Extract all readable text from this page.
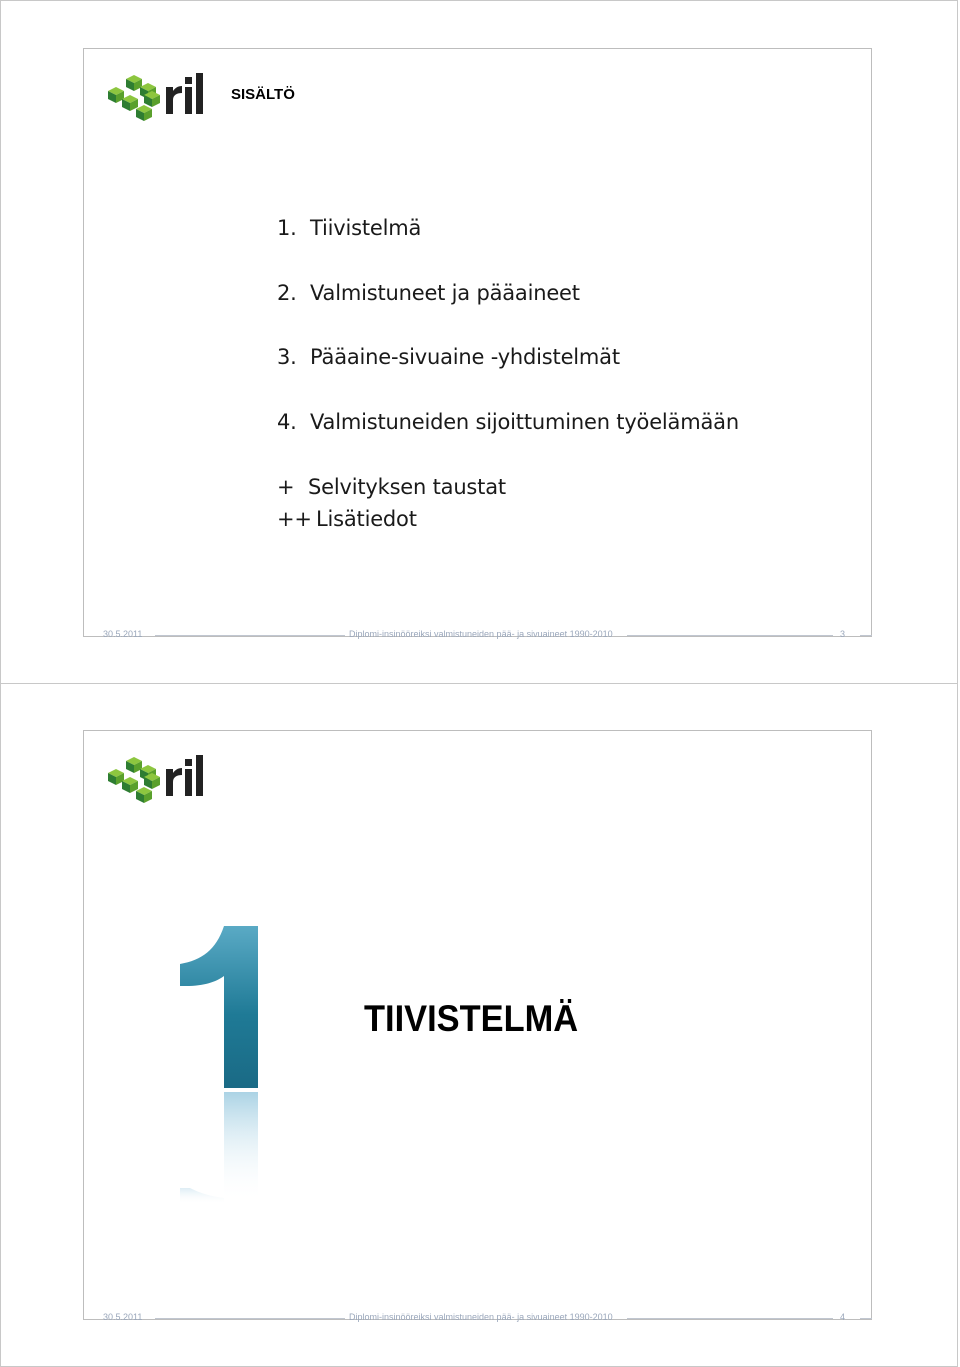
SISÄLTÖ
1. Tiivistelmä
2. Valmistuneet ja pääaineet
3. Pääaine-sivuaine -yhdistelmät
4. Valmistuneiden sijoittuminen työelämään
+ Selvityksen taustat
++ Lisätiedot
30.5.2011	Diplomi-insinööreiksi valmistuneiden pää- ja sivuaineet 1990-2010	3
TIIVISTELMÄ
30.5.2011	Diplomi-insinööreiksi valmistuneiden pää- ja sivuaineet 1990-2010	4
